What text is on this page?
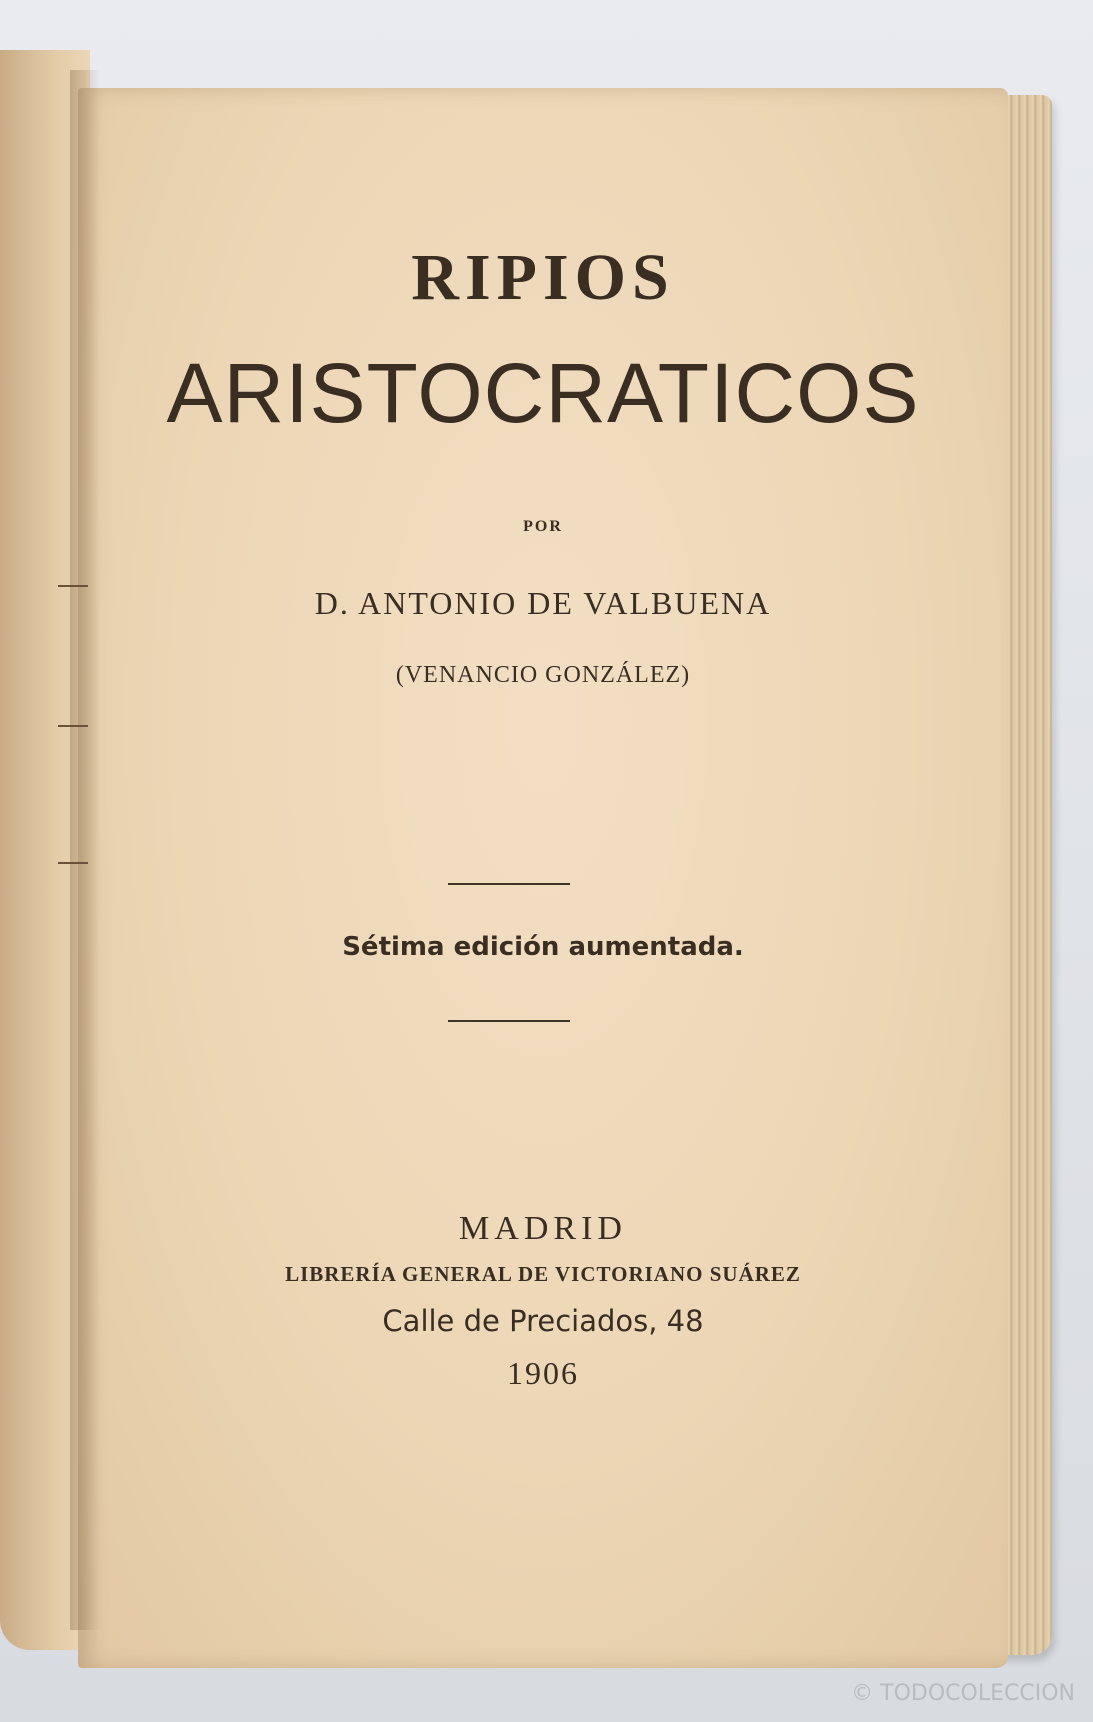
RIPIOS
ARISTOCRATICOS
POR
D. ANTONIO DE VALBUENA
(VENANCIO GONZÁLEZ)
Sétima edición aumentada.
MADRID
LIBRERÍA GENERAL DE VICTORIANO SUÁREZ
Calle de Preciados, 48
1906
© TODOCOLECCION
